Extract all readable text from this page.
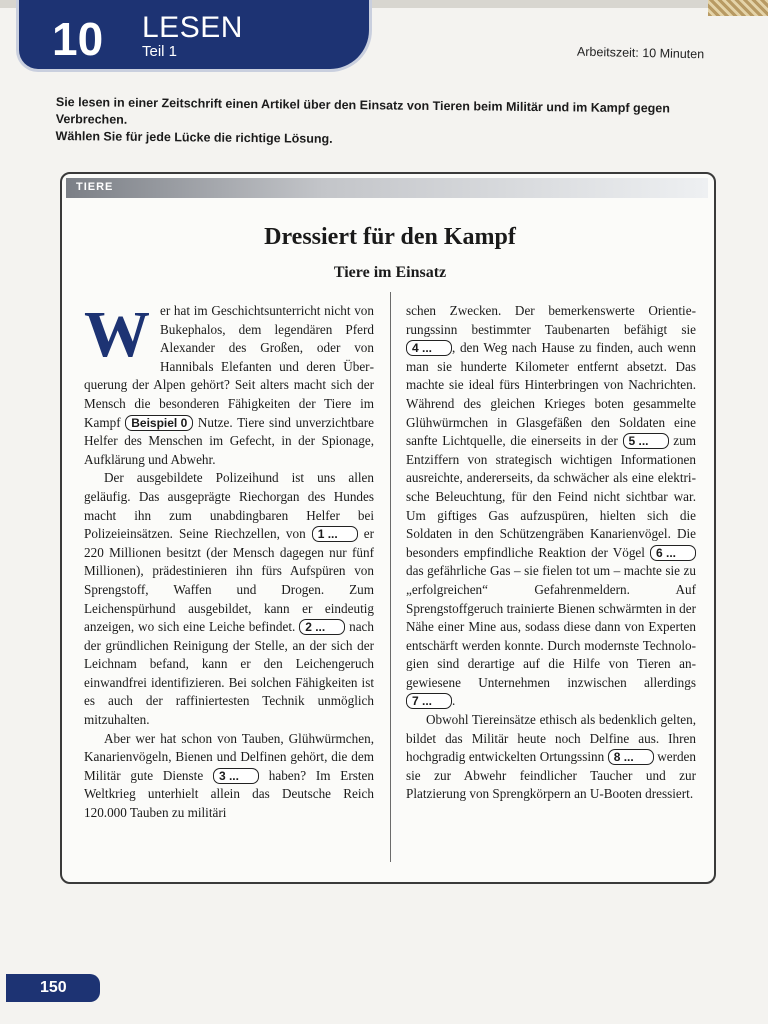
10 LESEN
Teil 1	Arbeitszeit: 10 Minuten

Sie lesen in einer Zeitschrift einen Artikel über den Einsatz von Tieren beim Militär und im Kampf gegen

Verbrechen.

Wählen Sie für jede Lücke die richtige Lösung.

TIERE
Dressiert für den Kampf
Tiere im Einsatz

Wer hat im Geschichtsunterricht nicht von Bukephalos, dem legendären Pferd Alexander des Großen, oder von Hannibals Elefanten und deren Überquerung der Alpen gehört? Seit alters macht sich der Mensch die besonderen Fähigkeiten der Tiere im Kampf Beispiel 0 Nutze. Tiere sind unverzichtbare Helfer des Menschen im Gefecht, in der Spionage, Aufklärung und Abwehr.

Der ausgebildete Polizeihund ist uns allen geläufig. Das ausgeprägte Riechorgan des Hundes macht ihn zum unabdingbaren Helfer bei Polizeieinsätzen. Seine Riechzellen, von 1 ... er 220 Millionen besitzt (der Mensch dagegen nur fünf Millionen), prädestinieren ihn fürs Aufspüren von Sprengstoff, Waffen und Drogen. Zum Leichenspürhund ausgebildet, kann er eindeutig anzeigen, wo sich eine Leiche befindet. 2 ... nach der gründlichen Reinigung der Stelle, an der sich der Leichnam befand, kann er den Leichengeruch einwandfrei identifizieren. Bei solchen Fähigkeiten ist es auch der raffiniertesten Technik unmöglich mitzuhalten.

Aber wer hat schon von Tauben, Glühwürmchen, Kanarienvögeln, Bienen und Delfinen gehört, die dem Militär gute Dienste 3 ... haben? Im Ersten Weltkrieg unterhielt allein das Deutsche Reich 120.000 Tauben zu militäri

schen Zwecken. Der bemerkenswerte Orientierungssinn bestimmter Taubenarten befähigt sie 4 ... , den Weg nach Hause zu finden, auch wenn man sie hunderte Kilometer entfernt absetzt. Das machte sie ideal fürs Hinterbringen von Nachrichten. Während des gleichen Krieges boten gesammelte Glühwürmchen in Glasgefäßen den Soldaten eine sanfte Lichtquelle, die einerseits in der 5 ... zum Entziffern von strategisch wichtigen Informationen ausreichte, andererseits, da schwächer als eine elektrische Beleuchtung, für den Feind nicht sichtbar war. Um giftiges Gas aufzuspüren, hielten sich die Soldaten in den Schützengräben Kanarienvögel. Die besonders empfindliche Reaktion der Vögel 6 ... das gefährliche Gas – sie fielen tot um – machte sie zu „erfolgreichen“ Gefahrenmeldern. Auf Sprengstoffgeruch trainierte Bienen schwärmten in der Nähe einer Mine aus, sodass diese dann von Experten entschärft werden konnte. Durch modernste Technologien sind derartige auf die Hilfe von Tieren angewiesene Unternehmen inzwischen allerdings 7 ... .

Obwohl Tiereinsätze ethisch als bedenklich gelten, bildet das Militär heute noch Delfine aus. Ihren hochgradig entwickelten Ortungssinn 8 ... werden sie zur Abwehr feindlicher Taucher und zur Platzierung von Sprengkörpern an U-Booten dressiert.

150
